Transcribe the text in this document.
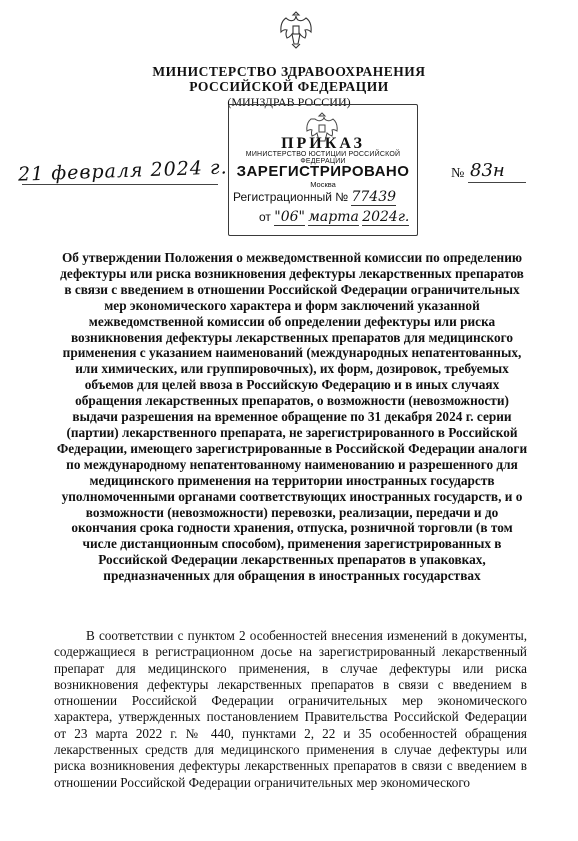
МИНИСТЕРСТВО ЗДРАВООХРАНЕНИЯ
РОССИЙСКОЙ ФЕДЕРАЦИИ
(МИНЗДРАВ РОССИИ)
ПРИКАЗ
МИНИСТЕРСТВО ЮСТИЦИИ РОССИЙСКОЙ ФЕДЕРАЦИИ
ЗАРЕГИСТРИРОВАНО
Москва
Регистрационный № 77439
от "06" марта 2024г.
21 февраля 2024 г.	№ 83н

Об утверждении Положения о межведомственной комиссии по определению дефектуры или риска возникновения дефектуры лекарственных препаратов в связи с введением в отношении Российской Федерации ограничительных мер экономического характера и форм заключений указанной межведомственной комиссии об определении дефектуры или риска возникновения дефектуры лекарственных препаратов для медицинского применения с указанием наименований (международных непатентованных, или химических, или группировочных), их форм, дозировок, требуемых объемов для целей ввоза в Российскую Федерацию и в иных случаях обращения лекарственных препаратов, о возможности (невозможности) выдачи разрешения на временное обращение по 31 декабря 2024 г. серии (партии) лекарственного препарата, не зарегистрированного в Российской Федерации, имеющего зарегистрированные в Российской Федерации аналоги по международному непатентованному наименованию и разрешенного для медицинского применения на территории иностранных государств уполномоченными органами соответствующих иностранных государств, и о возможности (невозможности) перевозки, реализации, передачи и до окончания срока годности хранения, отпуска, розничной торговли (в том числе дистанционным способом), применения зарегистрированных в Российской Федерации лекарственных препаратов в упаковках, предназначенных для обращения в иностранных государствах

В соответствии с пунктом 2 особенностей внесения изменений в документы, содержащиеся в регистрационном досье на зарегистрированный лекарственный препарат для медицинского применения, в случае дефектуры или риска возникновения дефектуры лекарственных препаратов в связи с введением в отношении Российской Федерации ограничительных мер экономического характера, утвержденных постановлением Правительства Российской Федерации от 23 марта 2022 г. № 440, пунктами 2, 22 и 35 особенностей обращения лекарственных средств для медицинского применения в случае дефектуры или риска возникновения дефектуры лекарственных препаратов в связи с введением в отношении Российской Федерации ограничительных мер экономического
